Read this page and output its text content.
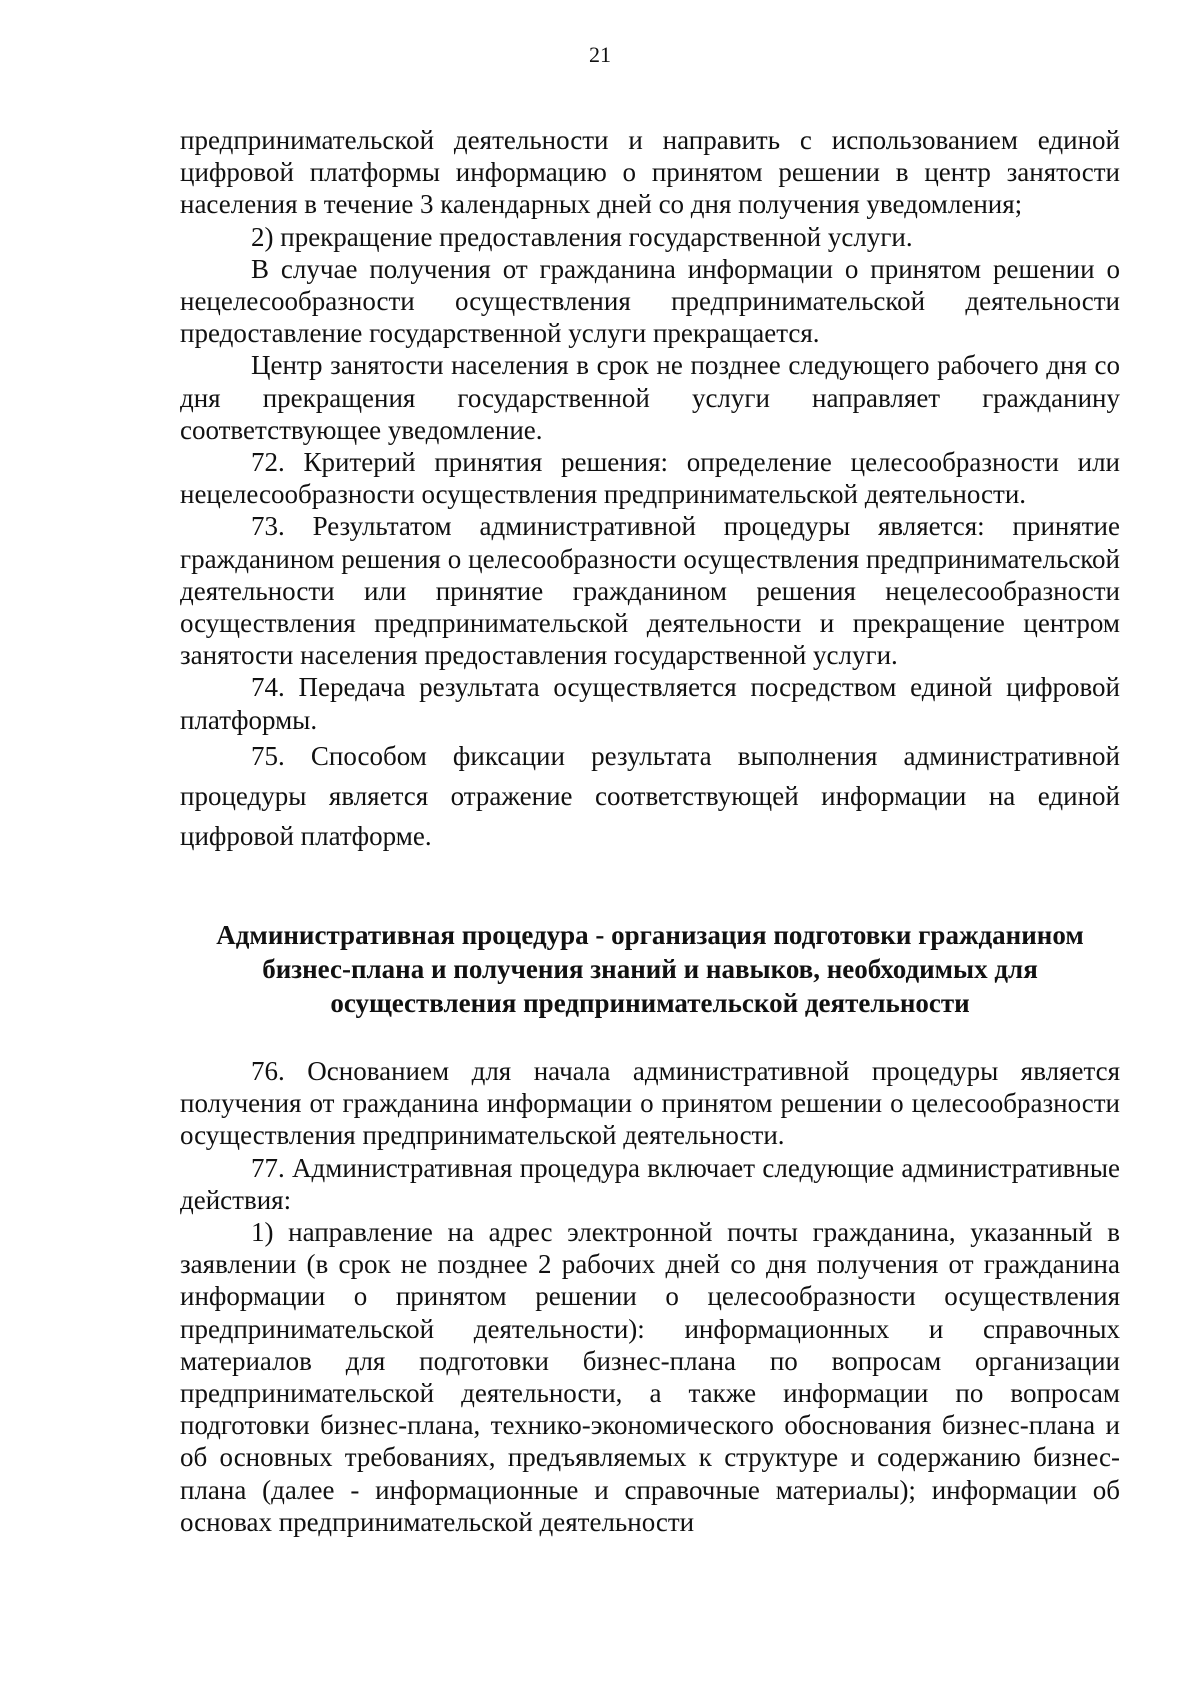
21

предпринимательской деятельности и направить с использованием единой цифровой платформы информацию о принятом решении в центр занятости населения в течение 3 календарных дней со дня получения уведомления;

2) прекращение предоставления государственной услуги.

В случае получения от гражданина информации о принятом решении о нецелесообразности осуществления предпринимательской деятельности предоставление государственной услуги прекращается.

Центр занятости населения в срок не позднее следующего рабочего дня со дня прекращения государственной услуги направляет гражданину соответствующее уведомление.

72. Критерий принятия решения: определение целесообразности или нецелесообразности осуществления предпринимательской деятельности.

73. Результатом административной процедуры является: принятие гражданином решения о целесообразности осуществления предпринимательской деятельности или принятие гражданином решения нецелесообразности осуществления предпринимательской деятельности и прекращение центром занятости населения предоставления государственной услуги.

74. Передача результата осуществляется посредством единой цифровой платформы.

75. Способом фиксации результата выполнения административной процедуры является отражение соответствующей информации на единой цифровой платформе.

Административная процедура - организация подготовки гражданином
бизнес-плана и получения знаний и навыков, необходимых для
осуществления предпринимательской деятельности

76. Основанием для начала административной процедуры является получения от гражданина информации о принятом решении о целесообразности осуществления предпринимательской деятельности.

77. Административная процедура включает следующие административные действия:

1) направление на адрес электронной почты гражданина, указанный в заявлении (в срок не позднее 2 рабочих дней со дня получения от гражданина информации о принятом решении о целесообразности осуществления предпринимательской деятельности): информационных и справочных материалов для подготовки бизнес-плана по вопросам организации предпринимательской деятельности, а также информации по вопросам подготовки бизнес-плана, технико-экономического обоснования бизнес-плана и об основных требованиях, предъявляемых к структуре и содержанию бизнес-плана (далее - информационные и справочные материалы); информации об основах предпринимательской деятельности
